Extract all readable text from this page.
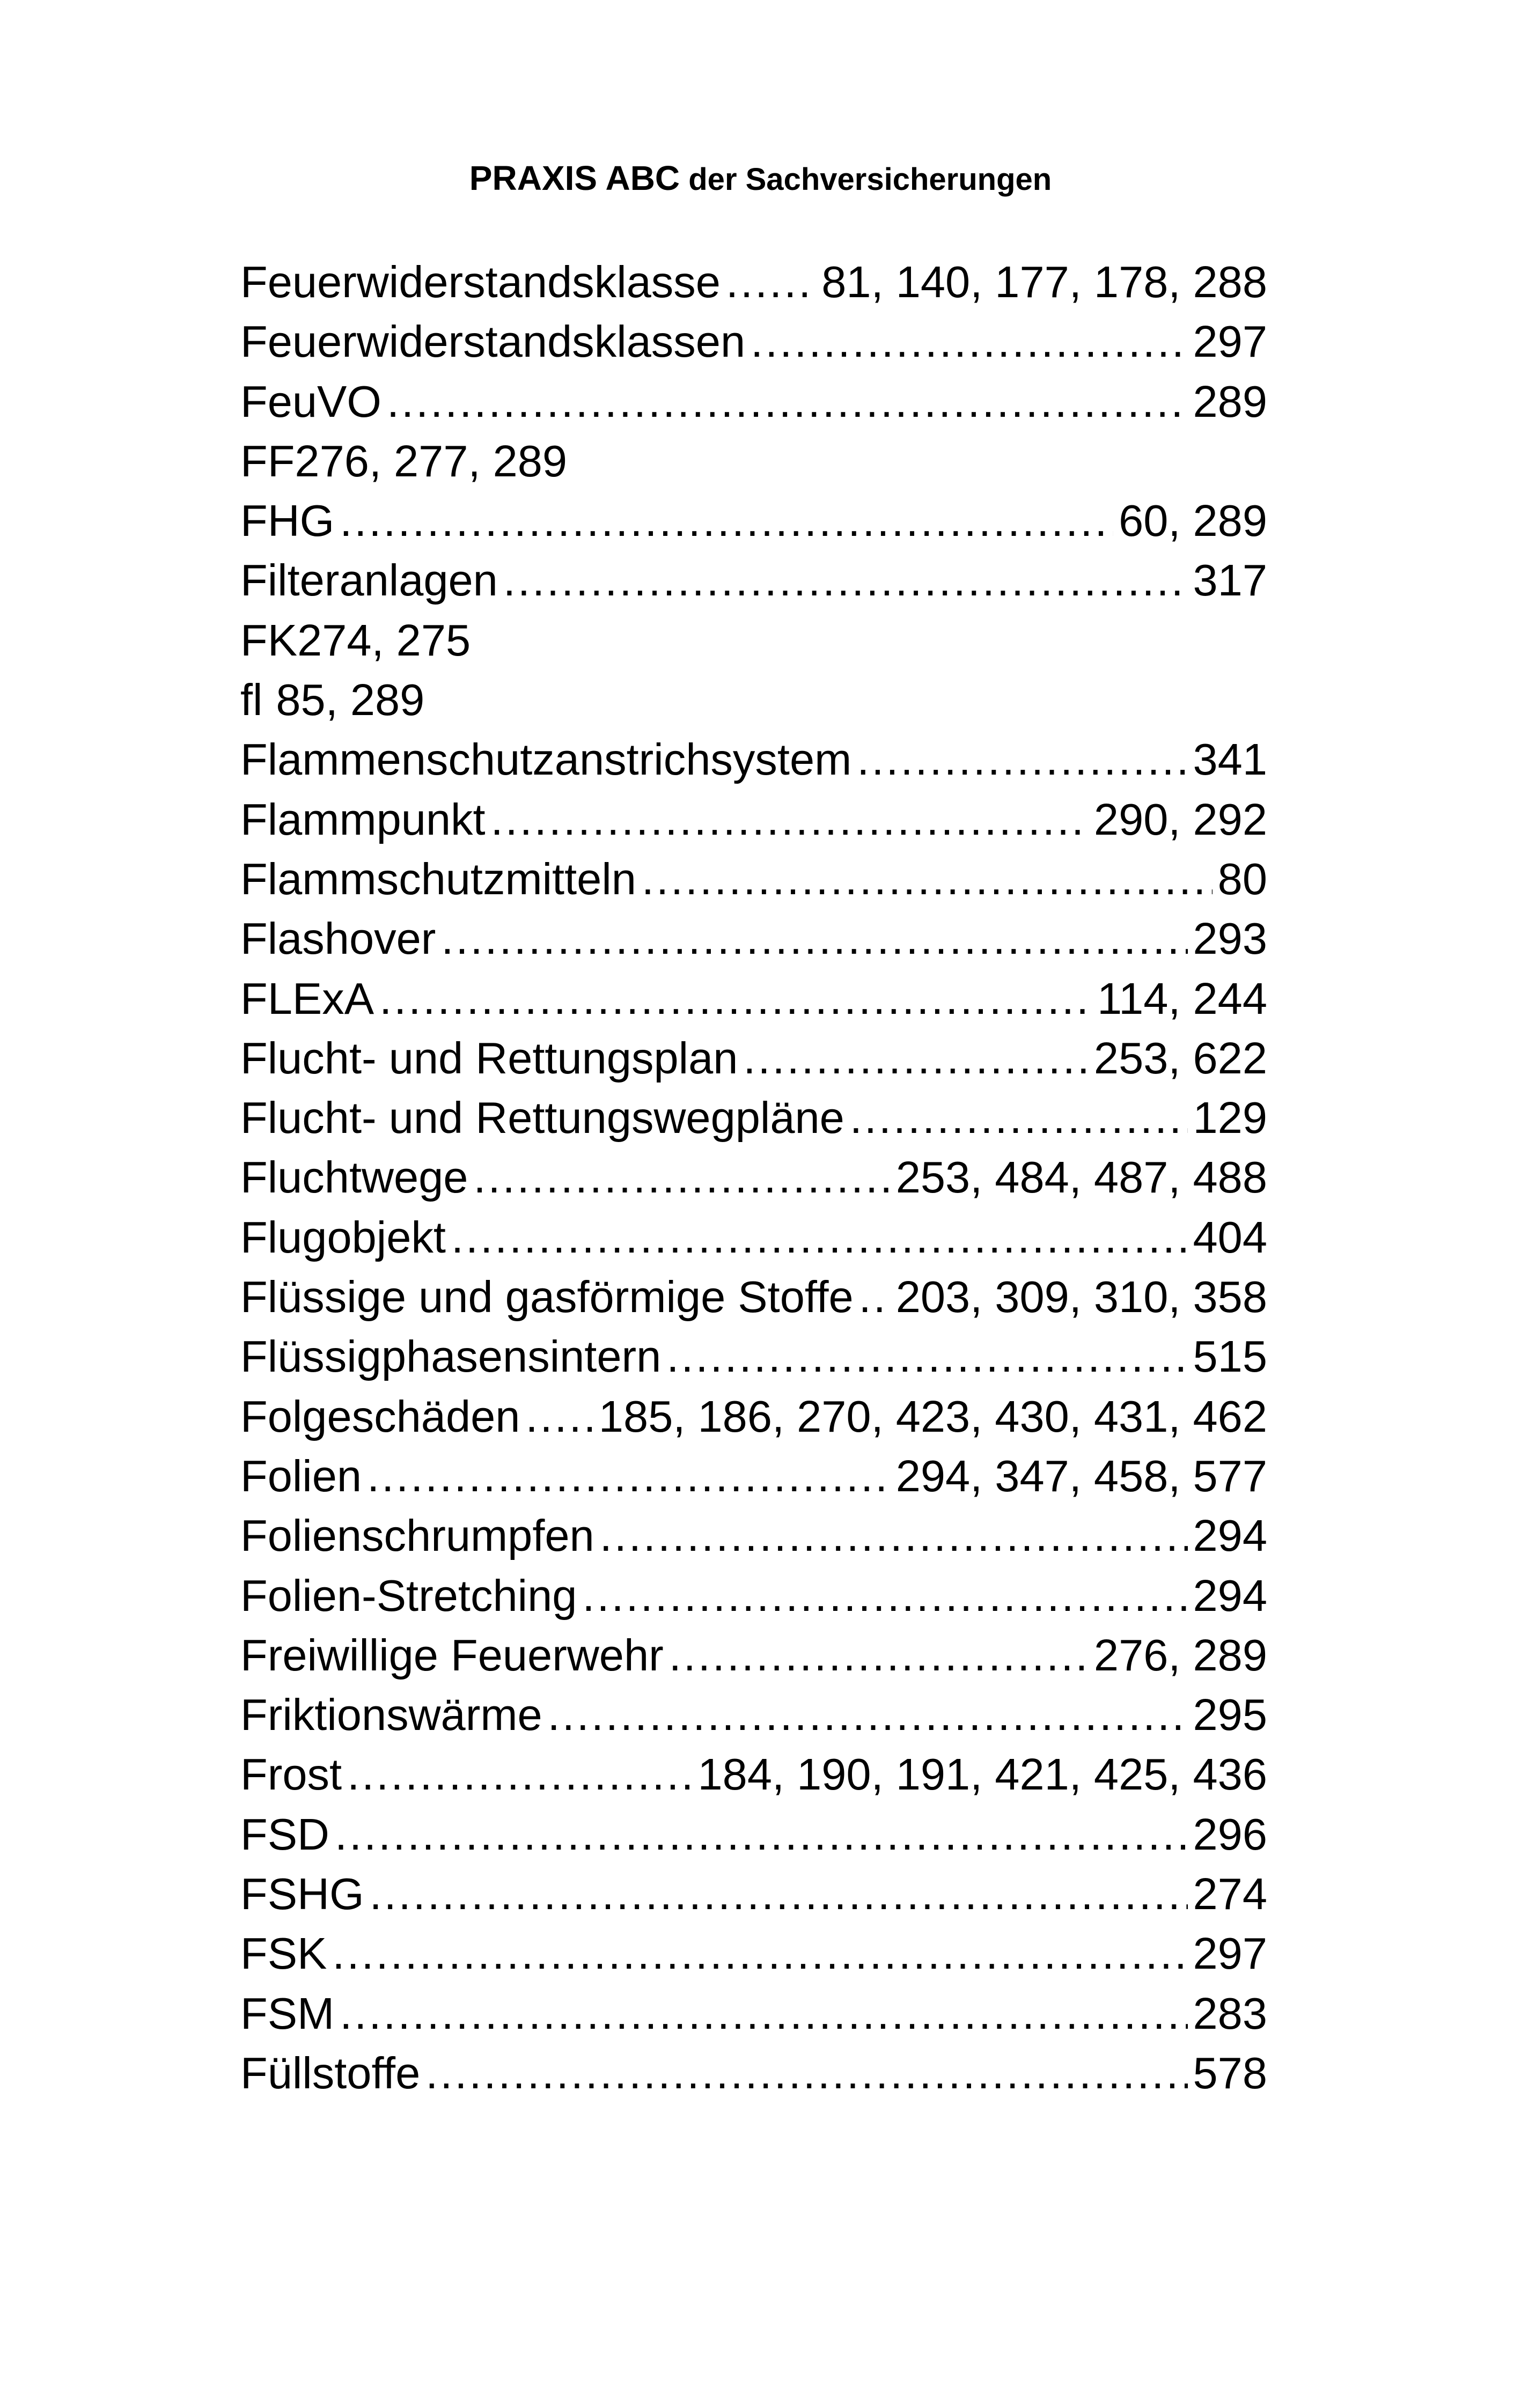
PRAXIS ABC der Sachversicherungen
Feuerwiderstandsklasse ..... 81, 140, 177, 178, 288
Feuerwiderstandsklassen .....	297
FeuVO .....	289
FF 276, 277, 289
FHG .....	60, 289
Filteranlagen .....	317
FK 274, 275
fl 85, 289
Flammenschutzanstrichsystem .....	341
Flammpunkt .....	290, 292
Flammschutzmitteln .....	80
Flashover .....	293
FLExA .....	114, 244
Flucht- und Rettungsplan .....	253, 622
Flucht- und Rettungswegpläne .....	129
Fluchtwege .....	253, 484, 487, 488
Flugobjekt .....	404
Flüssige und gasförmige Stoffe ..... 203, 309, 310, 358
Flüssigphasensintern .....	515
Folgeschäden ..... 185, 186, 270, 423, 430, 431, 462
Folien .....	294, 347, 458, 577
Folienschrumpfen .....	294
Folien-Stretching .....	294
Freiwillige Feuerwehr .....	276, 289
Friktionswärme .....	295
Frost .....	184, 190, 191, 421, 425, 436
FSD .....	296
FSHG .....	274
FSK .....	297
FSM .....	283
Füllstoffe .....	578
